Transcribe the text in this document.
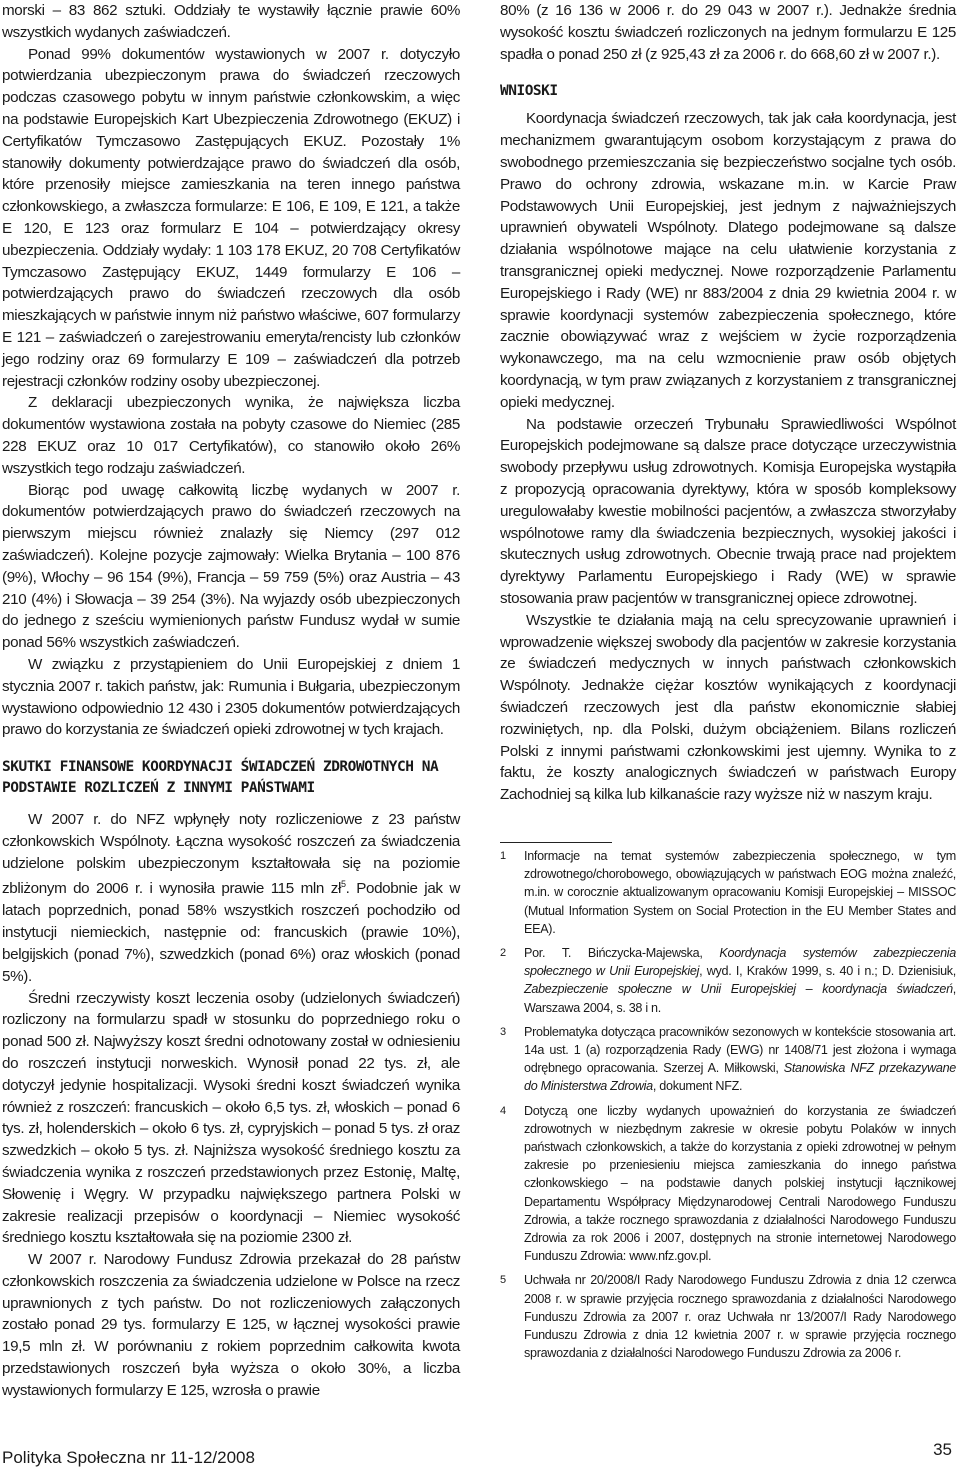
morski – 83 862 sztuki. Oddziały te wystawiły łącznie prawie 60% wszystkich wydanych zaświadczeń.

Ponad 99% dokumentów wystawionych w 2007 r. dotyczyło potwierdzania ubezpieczonym prawa do świadczeń rzeczowych podczas czasowego pobytu w innym państwie członkowskim, a więc na podstawie Europejskich Kart Ubezpieczenia Zdrowotnego (EKUZ) i Certyfikatów Tymczasowo Zastępujących EKUZ. Pozostały 1% stanowiły dokumenty potwierdzające prawo do świadczeń dla osób, które przenosiły miejsce zamieszkania na teren innego państwa członkowskiego, a zwłaszcza formularze: E 106, E 109, E 121, a także E 120, E 123 oraz formularz E 104 – potwierdzający okresy ubezpieczenia. Oddziały wydały: 1 103 178 EKUZ, 20 708 Certyfikatów Tymczasowo Zastępujący EKUZ, 1449 formularzy E 106 – potwierdzających prawo do świadczeń rzeczowych dla osób mieszkających w państwie innym niż państwo właściwe, 607 formularzy E 121 – zaświadczeń o zarejestrowaniu emeryta/rencisty lub członków jego rodziny oraz 69 formularzy E 109 – zaświadczeń dla potrzeb rejestracji członków rodziny osoby ubezpieczonej.

Z deklaracji ubezpieczonych wynika, że największa liczba dokumentów wystawiona została na pobyty czasowe do Niemiec (285 228 EKUZ oraz 10 017 Certyfikatów), co stanowiło około 26% wszystkich tego rodzaju zaświadczeń.

Biorąc pod uwagę całkowitą liczbę wydanych w 2007 r. dokumentów potwierdzających prawo do świadczeń rzeczowych na pierwszym miejscu również znalazły się Niemcy (297 012 zaświadczeń). Kolejne pozycje zajmowały: Wielka Brytania – 100 876 (9%), Włochy – 96 154 (9%), Francja – 59 759 (5%) oraz Austria – 43 210 (4%) i Słowacja – 39 254 (3%). Na wyjazdy osób ubezpieczonych do jednego z sześciu wymienionych państw Fundusz wydał w sumie ponad 56% wszystkich zaświadczeń.

W związku z przystąpieniem do Unii Europejskiej z dniem 1 stycznia 2007 r. takich państw, jak: Rumunia i Bułgaria, ubezpieczonym wystawiono odpowiednio 12 430 i 2305 dokumentów potwierdzających prawo do korzystania ze świadczeń opieki zdrowotnej w tych krajach.

SKUTKI FINANSOWE KOORDYNACJI ŚWIADCZEŃ ZDROWOTNYCH NA PODSTAWIE ROZLICZEŃ Z INNYMI PAŃSTWAMI

W 2007 r. do NFZ wpłynęły noty rozliczeniowe z 23 państw członkowskich Wspólnoty. Łączna wysokość roszczeń za świadczenia udzielone polskim ubezpieczonym kształtowała się na poziomie zbliżonym do 2006 r. i wynosiła prawie 115 mln $zł^5$. Podobnie jak w latach poprzednich, ponad 58% wszystkich roszczeń pochodziło od instytucji niemieckich, następnie od: francuskich (prawie 10%), belgijskich (ponad 7%), szwedzkich (ponad 6%) oraz włoskich (ponad 5%).

Średni rzeczywisty koszt leczenia osoby (udzielonych świadczeń) rozliczony na formularzu spadł w stosunku do poprzedniego roku o ponad 500 zł. Najwyższy koszt średni odnotowany został w odniesieniu do roszczeń instytucji norweskich. Wynosił ponad 22 tys. zł, ale dotyczył jedynie hospitalizacji. Wysoki średni koszt świadczeń wynika również z roszczeń: francuskich – około 6,5 tys. zł, włoskich – ponad 6 tys. zł, holenderskich – około 6 tys. zł, cypryjskich – ponad 5 tys. zł oraz szwedzkich – około 5 tys. zł. Najniższa wysokość średniego kosztu za świadczenia wynika z roszczeń przedstawionych przez Estonię, Maltę, Słowenię i Węgry. W przypadku największego partnera Polski w zakresie realizacji przepisów o koordynacji – Niemiec wysokość średniego kosztu kształtowała się na poziomie 2300 zł.

W 2007 r. Narodowy Fundusz Zdrowia przekazał do 28 państw członkowskich roszczenia za świadczenia udzielone w Polsce na rzecz uprawnionych z tych państw. Do not rozliczeniowych załączonych zostało ponad 29 tys. formularzy E 125, w łącznej wysokości prawie 19,5 mln zł. W porównaniu z rokiem poprzednim całkowita kwota przedstawionych roszczeń była wyższa o około 30%, a liczba wystawionych formularzy E 125, wzrosła o prawie

80% (z 16 136 w 2006 r. do 29 043 w 2007 r.). Jednakże średnia wysokość kosztu świadczeń rozliczonych na jednym formularzu E 125 spadła o ponad 250 zł (z 925,43 zł za 2006 r. do 668,60 zł w 2007 r.).

WNIOSKI

Koordynacja świadczeń rzeczowych, tak jak cała koordynacja, jest mechanizmem gwarantującym osobom korzystającym z prawa do swobodnego przemieszczania się bezpieczeństwo socjalne tych osób. Prawo do ochrony zdrowia, wskazane m.in. w Karcie Praw Podstawowych Unii Europejskiej, jest jednym z najważniejszych uprawnień obywateli Wspólnoty. Dlatego podejmowane są dalsze działania wspólnotowe mające na celu ułatwienie korzystania z transgranicznej opieki medycznej. Nowe rozporządzenie Parlamentu Europejskiego i Rady (WE) nr 883/2004 z dnia 29 kwietnia 2004 r. w sprawie koordynacji systemów zabezpieczenia społecznego, które zacznie obowiązywać wraz z wejściem w życie rozporządzenia wykonawczego, ma na celu wzmocnienie praw osób objętych koordynacją, w tym praw związanych z korzystaniem z transgranicznej opieki medycznej.

Na podstawie orzeczeń Trybunału Sprawiedliwości Wspólnot Europejskich podejmowane są dalsze prace dotyczące urzeczywistnia swobody przepływu usług zdrowotnych. Komisja Europejska wystąpiła z propozycją opracowania dyrektywy, która w sposób kompleksowy uregulowałaby kwestie mobilności pacjentów, a zwłaszcza stworzyłaby wspólnotowe ramy dla świadczenia bezpiecznych, wysokiej jakości i skutecznych usług zdrowotnych. Obecnie trwają prace nad projektem dyrektywy Parlamentu Europejskiego i Rady (WE) w sprawie stosowania praw pacjentów w transgranicznej opiece zdrowotnej.

Wszystkie te działania mają na celu sprecyzowanie uprawnień i wprowadzenie większej swobody dla pacjentów w zakresie korzystania ze świadczeń medycznych w innych państwach członkowskich Wspólnoty. Jednakże ciężar kosztów wynikających z koordynacji świadczeń rzeczowych jest dla państw ekonomicznie słabiej rozwiniętych, np. dla Polski, dużym obciążeniem. Bilans rozliczeń Polski z innymi państwami członkowskimi jest ujemny. Wynika to z faktu, że koszty analogicznych świadczeń w państwach Europy Zachodniej są kilka lub kilkanaście razy wyższe niż w naszym kraju.

1	Informacje na temat systemów zabezpieczenia społecznego, w tym zdrowotnego/chorobowego, obowiązujących w państwach EOG można znaleźć, m.in. w corocznie aktualizowanym opracowaniu Komisji Europejskiej – MISSOC (Mutual Information System on Social Protection in the EU Member States and EEA).
2	Por. T. Bińczycka-Majewska, Koordynacja systemów zabezpieczenia społecznego w Unii Europejskiej, wyd. I, Kraków 1999, s. 40 i n.; D. Dzienisiuk, Zabezpieczenie społeczne w Unii Europejskiej – koordynacja świadczeń, Warszawa 2004, s. 38 i n.
3	Problematyka dotycząca pracowników sezonowych w kontekście stosowania art. 14a ust. 1 (a) rozporządzenia Rady (EWG) nr 1408/71 jest złożona i wymaga odrębnego opracowania. Szerzej A. Miłkowski, Stanowiska NFZ przekazywane do Ministerstwa Zdrowia, dokument NFZ.
4	Dotyczą one liczby wydanych upoważnień do korzystania ze świadczeń zdrowotnych w niezbędnym zakresie w okresie pobytu Polaków w innych państwach członkowskich, a także do korzystania z opieki zdrowotnej w pełnym zakresie po przeniesieniu miejsca zamieszkania do innego państwa członkowskiego – na podstawie danych polskiej instytucji łącznikowej Departamentu Współpracy Międzynarodowej Centrali Narodowego Funduszu Zdrowia, a także rocznego sprawozdania z działalności Narodowego Funduszu Zdrowia za rok 2006 i 2007, dostępnych na stronie internetowej Narodowego Funduszu Zdrowia: www.nfz.gov.pl.
5	Uchwała nr 20/2008/I Rady Narodowego Funduszu Zdrowia z dnia 12 czerwca 2008 r. w sprawie przyjęcia rocznego sprawozdania z działalności Narodowego Funduszu Zdrowia za 2007 r. oraz Uchwała nr 13/2007/I Rady Narodowego Funduszu Zdrowia z dnia 12 kwietnia 2007 r. w sprawie przyjęcia rocznego sprawozdania z działalności Narodowego Funduszu Zdrowia za 2006 r.
Polityka Społeczna nr 11-12/2008	35
